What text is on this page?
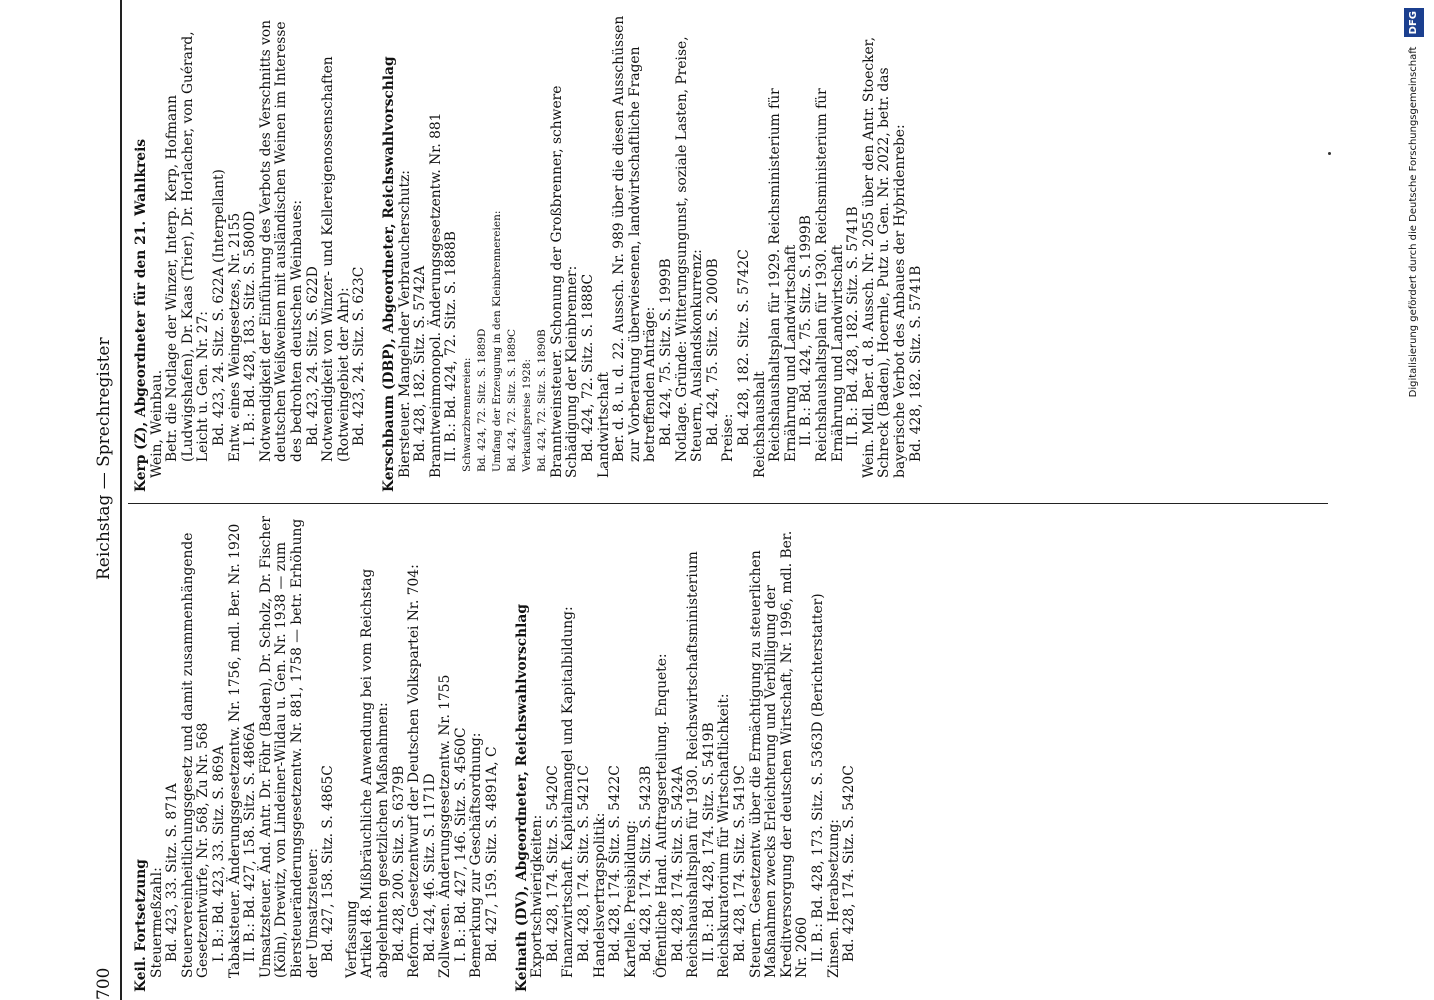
700
Reichstag — Sprechregister

Keil. Fortsetzung Steuermeßzahl: Bd. 423, 33. Sitz. S. 871A Steuervereinheitlichungsgesetz und damit zusammenhängende Gesetzentwürfe, Nr. 568, Zu Nr. 568 I. B.: Bd. 423, 33. Sitz. S. 869A Tabaksteuer. Änderungsgesetzentw. Nr. 1756, mdl. Ber. Nr. 1920 II. B.: Bd. 427, 158. Sitz. S. 4866A Umsatzsteuer. Änd. Antr. Dr. Föhr (Baden), Dr. Scholz, Dr. Fischer (Köln), Drewitz, von Lindeiner-Wildau u. Gen. Nr. 1938 — zum Biersteueränderungsgesetzentw. Nr. 881, 1758 — betr. Erhöhung der Umsatzsteuer: Bd. 427, 158. Sitz. S. 4865C Verfassung Artikel 48. Mißbräuchliche Anwendung bei vom Reichstag abgelehnten gesetzlichen Maßnahmen: Bd. 428, 200. Sitz. S. 6379B Reform. Gesetzentwurf der Deutschen Volkspartei Nr. 704: Bd. 424, 46. Sitz. S. 1171D Zollwesen. Änderungsgesetzentw. Nr. 1755 I. B.: Bd. 427, 146. Sitz. S. 4560C Bemerkung zur Geschäftsordnung: Bd. 427, 159. Sitz. S. 4891A, C Keinath (DV), Abgeordneter, Reichswahlvorschlag Exportschwierigkeiten: Bd. 428, 174. Sitz. S. 5420C Finanzwirtschaft. Kapitalmangel und Kapitalbildung: Bd. 428, 174. Sitz. S. 5421C Handelsvertragspolitik: Bd. 428, 174. Sitz. S. 5422C Kartelle. Preisbildung: Bd. 428, 174. Sitz. S. 5423B Öffentliche Hand. Auftragserteilung. Enquete: Bd. 428, 174. Sitz. S. 5424A Reichshaushaltsplan für 1930. Reichswirtschaftsministerium II. B.: Bd. 428, 174. Sitz. S. 5419B Reichskuratorium für Wirtschaftlichkeit: Bd. 428, 174. Sitz. S. 5419C Steuern. Gesetzentw. über die Ermächtigung zu steuerlichen Maßnahmen zwecks Erleichterung und Verbilligung der Kreditversorgung der deutschen Wirtschaft, Nr. 1996, mdl. Ber. Nr. 2060 II. B.: Bd. 428, 173. Sitz. S. 5363D (Berichterstatter) Zinsen. Herabsetzung: Bd. 428, 174. Sitz. S. 5420C

Kerp (Z), Abgeordneter für den 21. Wahlkreis Wein, Weinbau. Betr. die Notlage der Winzer, Interp. Kerp, Hofmann (Ludwigshafen), Dr. Kaas (Trier), Dr. Horlacher, von Guérard, Leicht u. Gen. Nr. 27: Bd. 423, 24. Sitz. S. 622A (Interpellant) Entw. eines Weingesetzes, Nr. 2155 I. B.: Bd. 428, 183. Sitz. S. 5800D Notwendigkeit der Einführung des Verbots des Verschnitts von deutschen Weißweinen mit ausländischen Weinen im Interesse des bedrohten deutschen Weinbaues: Bd. 423, 24. Sitz. S. 622D Notwendigkeit von Winzer- und Kellereigenossenschaften (Rotweingebiet der Ahr): Bd. 423, 24. Sitz. S. 623C Kerschbaum (DBP), Abgeordneter, Reichswahlvorschlag Biersteuer. Mangelnder Verbraucherschutz: Bd. 428, 182. Sitz. S. 5742A Branntweinmonopol. Änderungsgesetzentw. Nr. 881 II. B.: Bd. 424, 72. Sitz. S. 1888B Schwarzbrennereien: Bd. 424, 72. Sitz. S. 1889D Umfang der Erzeugung in den Kleinbrennereien: Bd. 424, 72. Sitz. S. 1889C Verkaufspreise 1928: Bd. 424, 72. Sitz. S. 1890B Branntweinsteuer. Schonung der Großbrenner, schwere Schädigung der Kleinbrenner: Bd. 424, 72. Sitz. S. 1888C Landwirtschaft Ber. d. 8. u. d. 22. Aussch. Nr. 989 über die diesen Ausschüssen zur Vorberatung überwiesenen, landwirtschaftliche Fragen betreffenden Anträge: Bd. 424, 75. Sitz. S. 1999B Notlage. Gründe: Witterungsungunst, soziale Lasten, Preise, Steuern, Auslandskonkurrenz: Bd. 424, 75. Sitz. S. 2000B Preise: Bd. 428, 182. Sitz. S. 5742C Reichshaushalt Reichshaushaltsplan für 1929. Reichsministerium für Ernährung und Landwirtschaft II. B.: Bd. 424, 75. Sitz. S. 1999B Reichshaushaltsplan für 1930. Reichsministerium für Ernährung und Landwirtschaft II. B.: Bd. 428, 182. Sitz. S. 5741B Wein. Mdl. Ber. d. 8. Aussch. Nr. 2055 über den Antr. Stoecker, Schreck (Baden), Hoernle, Putz u. Gen. Nr. 2022, betr. das bayerische Verbot des Anbaues der Hybridenrebe: Bd. 428, 182. Sitz. S. 5741B	Digitalisierung gefördert durch die Deutsche Forschungsgemeinschaft DFG
